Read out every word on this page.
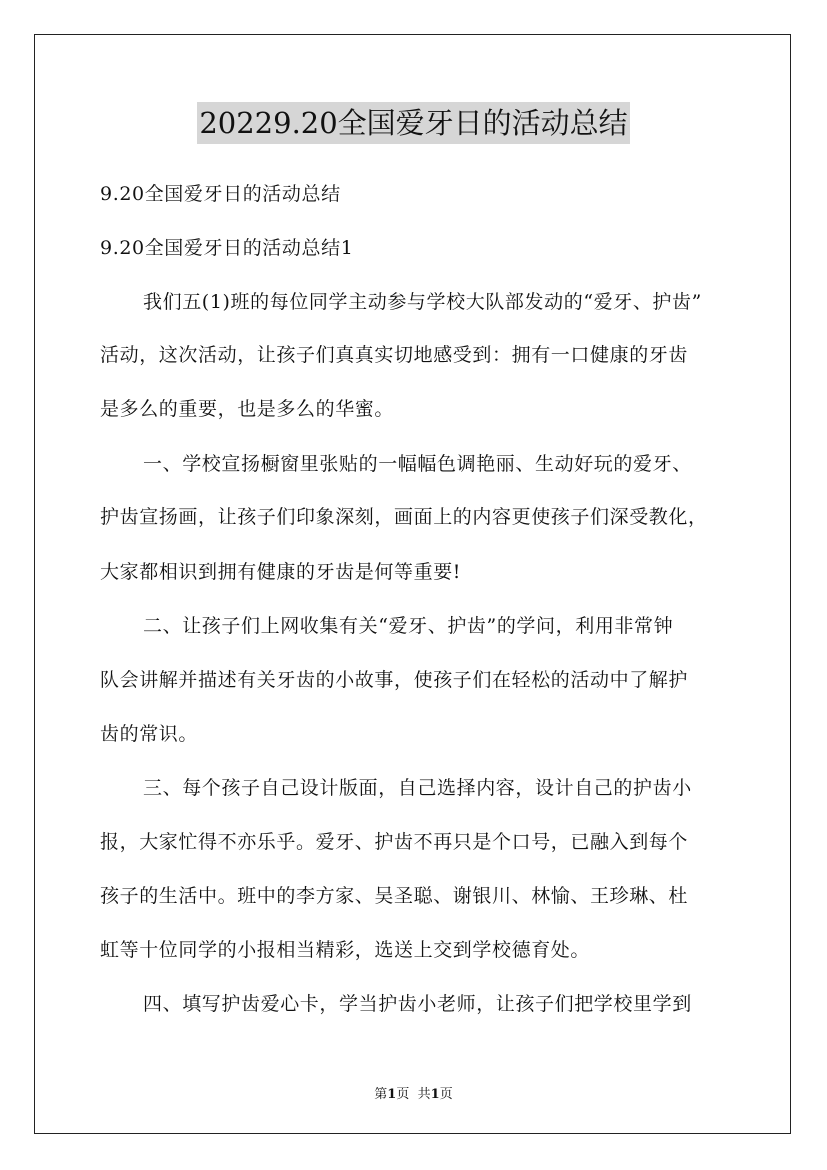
20229.20全国爱牙日的活动总结
9.20全国爱牙日的活动总结
9.20全国爱牙日的活动总结1
我们五(1)班的每位同学主动参与学校大队部发动的“爱牙、护齿”
活动，这次活动，让孩子们真真实切地感受到：拥有一口健康的牙齿
是多么的重要，也是多么的华蜜。
一、学校宣扬橱窗里张贴的一幅幅色调艳丽、生动好玩的爱牙、
护齿宣扬画，让孩子们印象深刻，画面上的内容更使孩子们深受教化，
大家都相识到拥有健康的牙齿是何等重要!
二、让孩子们上网收集有关“爱牙、护齿”的学问，利用非常钟
队会讲解并描述有关牙齿的小故事，使孩子们在轻松的活动中了解护
齿的常识。
三、每个孩子自己设计版面，自己选择内容，设计自己的护齿小
报，大家忙得不亦乐乎。爱牙、护齿不再只是个口号，已融入到每个
孩子的生活中。班中的李方家、吴圣聪、谢银川、林愉、王珍琳、杜
虹等十位同学的小报相当精彩，选送上交到学校德育处。
四、填写护齿爱心卡，学当护齿小老师，让孩子们把学校里学到
第1页 共1页
